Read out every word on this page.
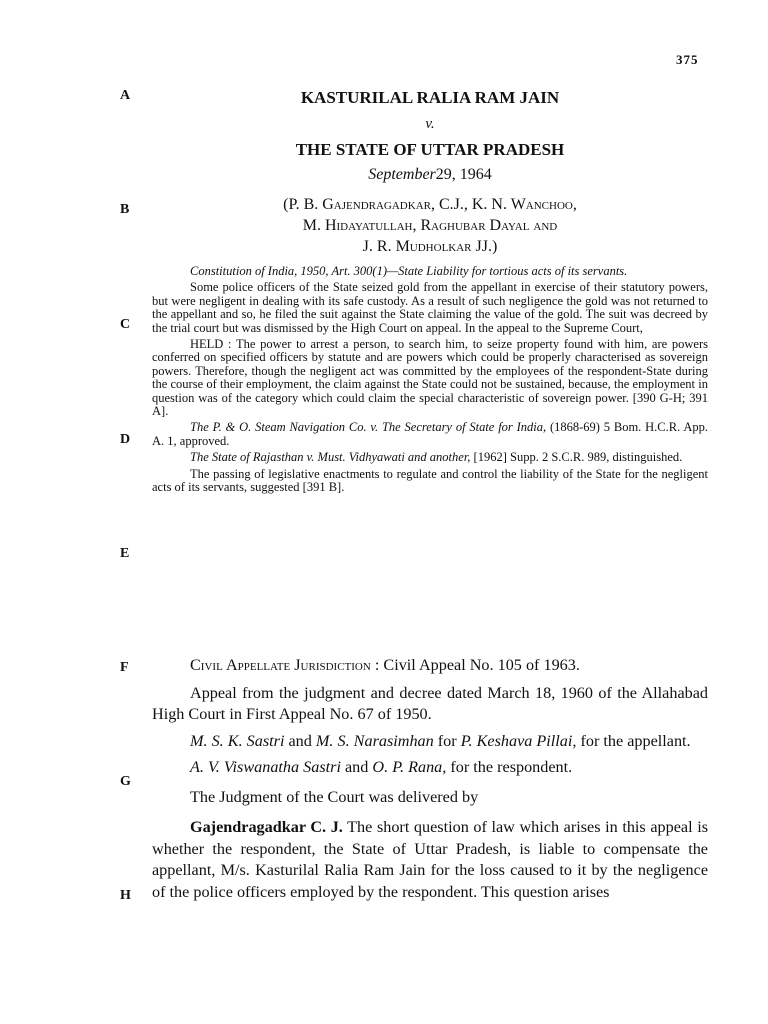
375
A
B
C
D
E
F
G
H
KASTURILAL RALIA RAM JAIN
v.
THE STATE OF UTTAR PRADESH
September29, 1964
(P. B. Gajendragadkar, C.J., K. N. Wanchoo,
M. Hidayatullah, Raghubar Dayal and
J. R. Mudholkar JJ.)

Constitution of India, 1950, Art. 300(1)—State Liability for tortious acts of its servants.

Some police officers of the State seized gold from the appellant in exercise of their statutory powers, but were negligent in dealing with its safe custody. As a result of such negligence the gold was not returned to the appellant and so, he filed the suit against the State claiming the value of the gold. The suit was decreed by the trial court but was dismissed by the High Court on appeal. In the appeal to the Supreme Court,

HELD : The power to arrest a person, to search him, to seize property found with him, are powers conferred on specified officers by statute and are powers which could be properly characterised as sovereign powers. Therefore, though the negligent act was committed by the employees of the respondent-State during the course of their employment, the claim against the State could not be sustained, because, the employment in question was of the category which could claim the special characteristic of sovereign power. [390 G-H; 391 A].

The P. & O. Steam Navigation Co. v. The Secretary of State for India, (1868-69) 5 Bom. H.C.R. App. A. 1, approved.

The State of Rajasthan v. Must. Vidhyawati and another, [1962] Supp. 2 S.C.R. 989, distinguished.

The passing of legislative enactments to regulate and control the liability of the State for the negligent acts of its servants, suggested [391 B].

Civil Appellate Jurisdiction : Civil Appeal No. 105 of 1963.

Appeal from the judgment and decree dated March 18, 1960 of the Allahabad High Court in First Appeal No. 67 of 1950.

M. S. K. Sastri and M. S. Narasimhan for P. Keshava Pillai, for the appellant.

A. V. Viswanatha Sastri and O. P. Rana, for the respondent.

The Judgment of the Court was delivered by

Gajendragadkar C. J. The short question of law which arises in this appeal is whether the respondent, the State of Uttar Pradesh, is liable to compensate the appellant, M/s. Kasturilal Ralia Ram Jain for the loss caused to it by the negligence of the police officers employed by the respondent. This question arises
